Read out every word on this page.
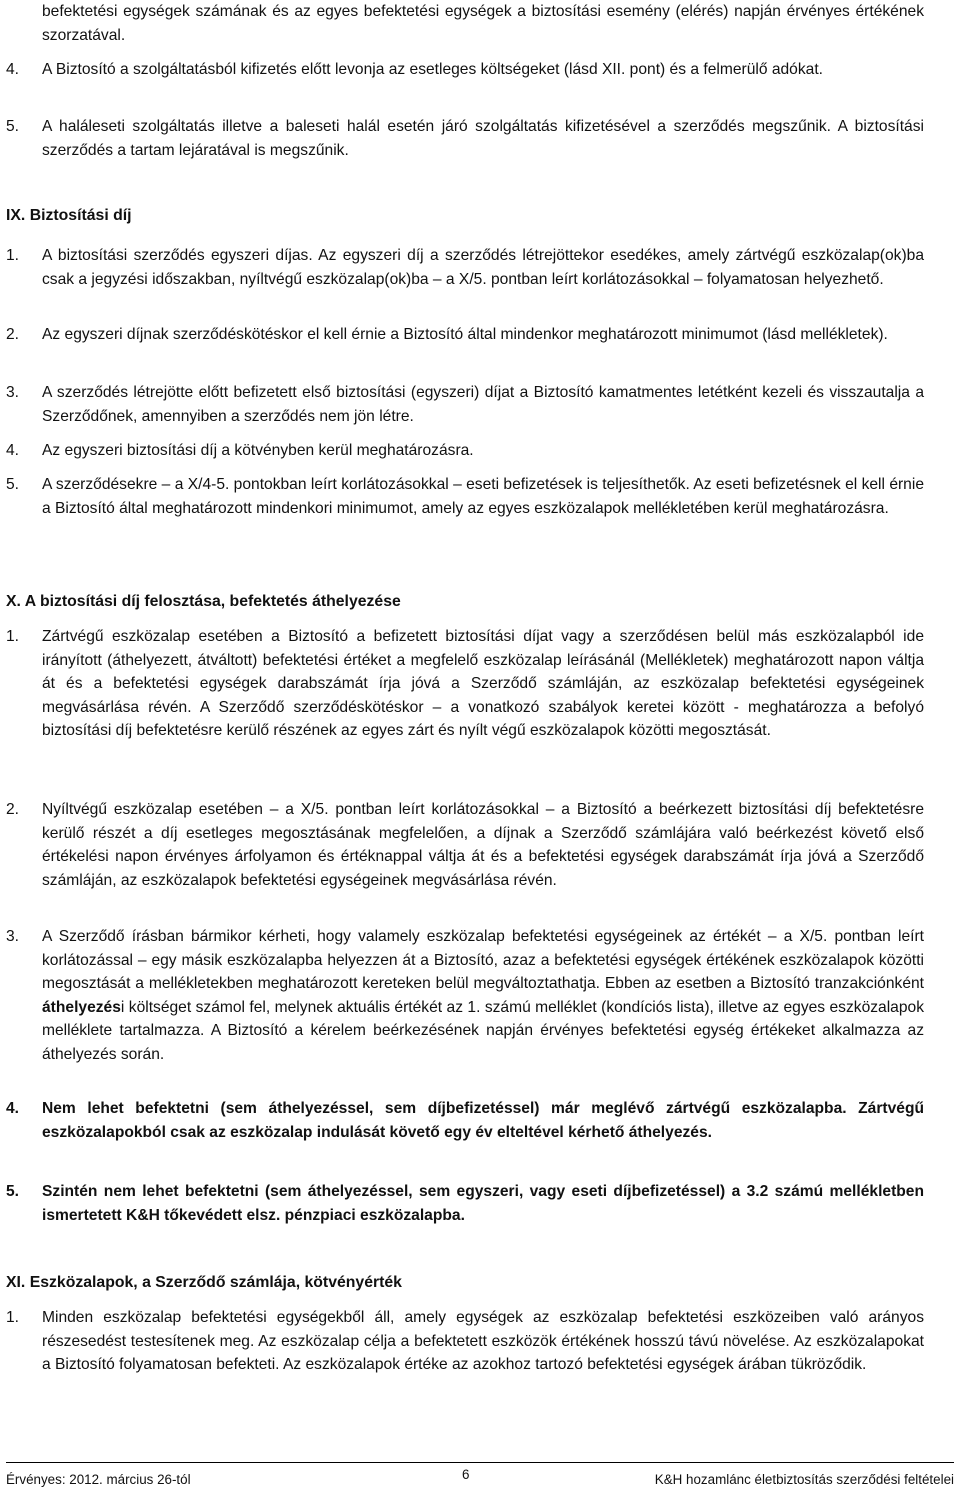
befektetési egységek számának és az egyes befektetési egységek a biztosítási esemény (elérés) napján érvényes értékének szorzatával.
4. A Biztosító a szolgáltatásból kifizetés előtt levonja az esetleges költségeket (lásd XII. pont) és a felmerülő adókat.
5. A haláleseti szolgáltatás illetve a baleseti halál esetén járó szolgáltatás kifizetésével a szerződés megszűnik. A biztosítási szerződés a tartam lejáratával is megszűnik.
IX. Biztosítási díj
1. A biztosítási szerződés egyszeri díjas. Az egyszeri díj a szerződés létrejöttekor esedékes, amely zártvégű eszközalap(ok)ba csak a jegyzési időszakban, nyíltvégű eszközalap(ok)ba – a X/5. pontban leírt korlátozásokkal – folyamatosan helyezhető.
2. Az egyszeri díjnak szerződéskötéskor el kell érnie a Biztosító által mindenkor meghatározott minimumot (lásd mellékletek).
3. A szerződés létrejötte előtt befizetett első biztosítási (egyszeri) díjat a Biztosító kamatmentes letétként kezeli és visszautalja a Szerződőnek, amennyiben a szerződés nem jön létre.
4. Az egyszeri biztosítási díj a kötvényben kerül meghatározásra.
5. A szerződésekre – a X/4-5. pontokban leírt korlátozásokkal – eseti befizetések is teljesíthetők. Az eseti befizetésnek el kell érnie a Biztosító által meghatározott mindenkori minimumot, amely az egyes eszközalapok mellékletében kerül meghatározásra.
X. A biztosítási díj felosztása, befektetés áthelyezése
1. Zártvégű eszközalap esetében a Biztosító a befizetett biztosítási díjat vagy a szerződésen belül más eszközalapból ide irányított (áthelyezett, átváltott) befektetési értéket a megfelelő eszközalap leírásánál (Mellékletek) meghatározott napon váltja át és a befektetési egységek darabszámát írja jóvá a Szerződő számláján, az eszközalap befektetési egységeinek megvásárlása révén. A Szerződő szerződéskötéskor – a vonatkozó szabályok keretei között - meghatározza a befolyó biztosítási díj befektetésre kerülő részének az egyes zárt és nyílt végű eszközalapok közötti megosztását.
2. Nyíltvégű eszközalap esetében – a X/5. pontban leírt korlátozásokkal – a Biztosító a beérkezett biztosítási díj befektetésre kerülő részét a díj esetleges megosztásának megfelelően, a díjnak a Szerződő számlájára való beérkezést követő első értékelési napon érvényes árfolyamon és értéknappal váltja át és a befektetési egységek darabszámát írja jóvá a Szerződő számláján, az eszközalapok befektetési egységeinek megvásárlása révén.
3. A Szerződő írásban bármikor kérheti, hogy valamely eszközalap befektetési egységeinek az értékét – a X/5. pontban leírt korlátozással – egy másik eszközalapba helyezzen át a Biztosító, azaz a befektetési egységek értékének eszközalapok közötti megosztását a mellékletekben meghatározott kereteken belül megváltoztathatja. Ebben az esetben a Biztosító tranzakciónként áthelyezési költséget számol fel, melynek aktuális értékét az 1. számú melléklet (kondíciós lista), illetve az egyes eszközalapok melléklete tartalmazza. A Biztosító a kérelem beérkezésének napján érvényes befektetési egység értékeket alkalmazza az áthelyezés során.
4. Nem lehet befektetni (sem áthelyezéssel, sem díjbefizetéssel) már meglévő zártvégű eszközalapba. Zártvégű eszközalapokból csak az eszközalap indulását követő egy év elteltével kérhető áthelyezés.
5. Szintén nem lehet befektetni (sem áthelyezéssel, sem egyszeri, vagy eseti díjbefizetéssel) a 3.2 számú mellékletben ismertetett K&H tőkevédett elsz. pénzpiaci eszközalapba.
XI. Eszközalapok, a Szerződő számlája, kötvényérték
1. Minden eszközalap befektetési egységekből áll, amely egységek az eszközalap befektetési eszközeiben való arányos részesedést testesítenek meg. Az eszközalap célja a befektetett eszközök értékének hosszú távú növelése. Az eszközalapokat a Biztosító folyamatosan befekteti. Az eszközalapok értéke az azokhoz tartozó befektetési egységek árában tükröződik.
Érvényes: 2012. március 26-tól	6	K&H hozamlánc életbiztosítás szerződési feltételei
